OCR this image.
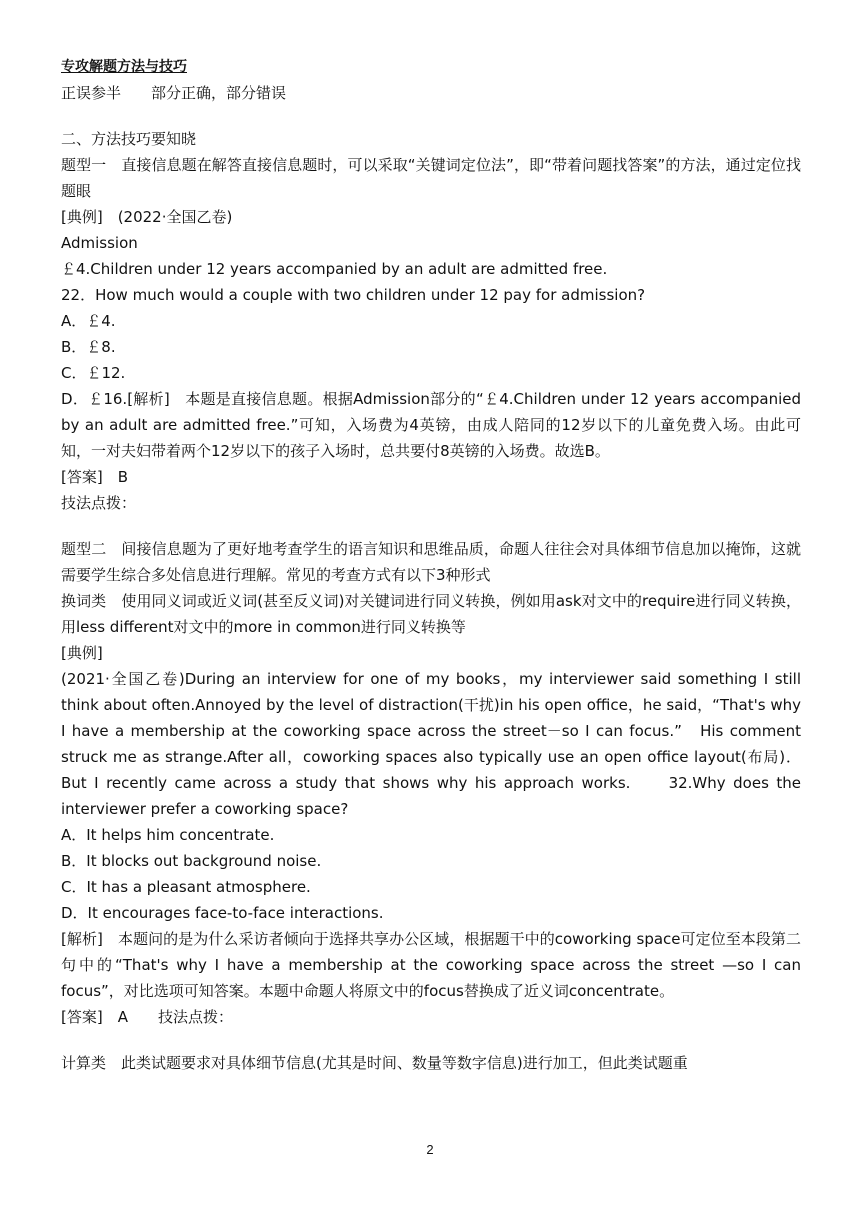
专攻解题方法与技巧
正误参半　　部分正确，部分错误
二、方法技巧要知晓
题型一　直接信息题在解答直接信息题时，可以采取“关键词定位法”，即“带着问题找答案”的方法，通过定位找题眼
[典例]　(2022·全国乙卷)
Admission
￡4.Children under 12 years accompanied by an adult are admitted free.
22．How much would a couple with two children under 12 pay for admission?
A．￡4.
B．￡8.
C．￡12.
D．￡16.[解析]　本题是直接信息题。根据Admission部分的“￡4.Children under 12 years accompanied by an adult are admitted free.”可知，入场费为4英镑，由成人陪同的12岁以下的儿童免费入场。由此可知，一对夫妇带着两个12岁以下的孩子入场时，总共要付8英镑的入场费。故选B。
[答案]　B
技法点拨：
题型二　间接信息题为了更好地考查学生的语言知识和思维品质，命题人往往会对具体细节信息加以掩饰，这就需要学生综合多处信息进行理解。常见的考查方式有以下3种形式
换词类　使用同义词或近义词(甚至反义词)对关键词进行同义转换，例如用ask对文中的require进行同义转换，用less different对文中的more in common进行同义转换等
[典例]
(2021·全国乙卷)During an interview for one of my books，my interviewer said something I still think about often.Annoyed by the level of distraction(干扰)in his open office，he said，“That's why I have a membership at the coworking space across the street－so I can focus.”　His comment struck me as strange.After all，coworking spaces also typically use an open office layout(布局)．But I recently came across a study that shows why his approach works.　　32.Why does the interviewer prefer a coworking space?
A．It helps him concentrate.
B．It blocks out background noise.
C．It has a pleasant atmosphere.
D．It encourages face-to-face interactions.
[解析]　本题问的是为什么采访者倾向于选择共享办公区域，根据题干中的coworking space可定位至本段第二句中的“That's why I have a membership at the coworking space across the street —so I can focus”，对比选项可知答案。本题中命题人将原文中的focus替换成了近义词concentrate。
[答案]　A　　技法点拨：
计算类　此类试题要求对具体细节信息(尤其是时间、数量等数字信息)进行加工，但此类试题重
2
